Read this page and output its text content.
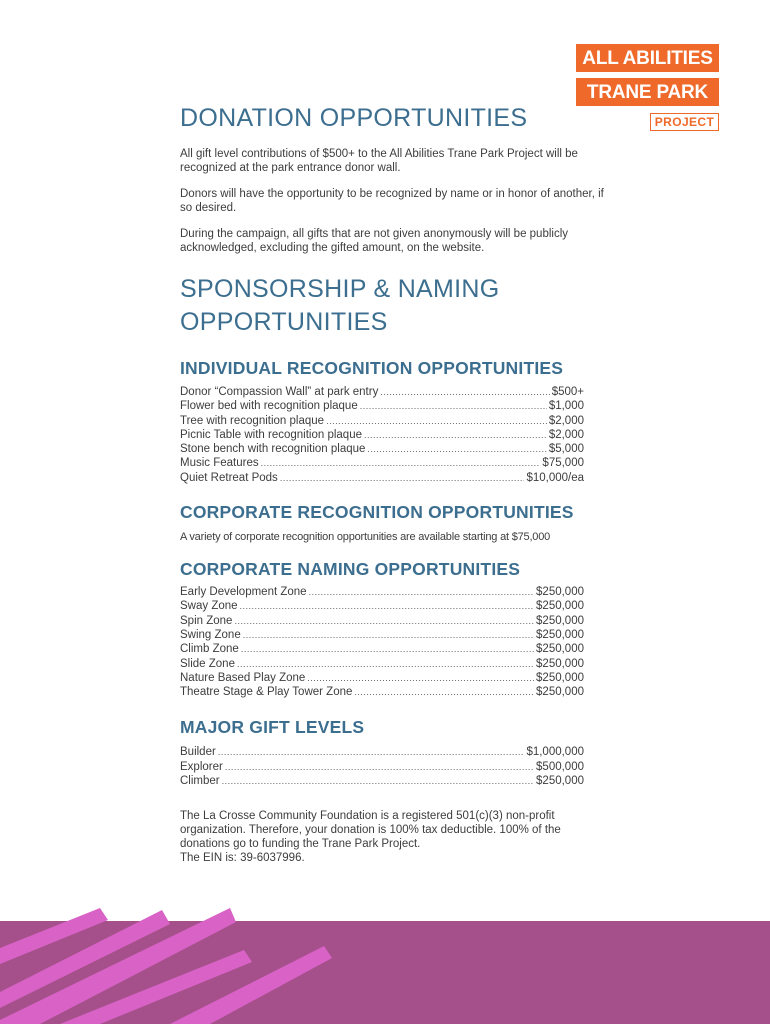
ALL ABILITIES
TRANE PARK
PROJECT
DONATION OPPORTUNITIES

All gift level contributions of $500+ to the All Abilities Trane Park Project will be recognized at the park entrance donor wall.

Donors will have the opportunity to be recognized by name or in honor of another, if so desired.

During the campaign, all gifts that are not given anonymously will be publicly acknowledged, excluding the gifted amount, on the website.

SPONSORSHIP & NAMING
OPPORTUNITIES
INDIVIDUAL RECOGNITION OPPORTUNITIES
Donor “Compassion Wall” at park entry .....	$500+
Flower bed with recognition plaque .....	$1,000
Tree with recognition plaque .....	$2,000
Picnic Table with recognition plaque .....	$2,000
Stone bench with recognition plaque .....	$5,000
Music Features .....	$75,000
Quiet Retreat Pods .....	$10,000/ea
CORPORATE RECOGNITION OPPORTUNITIES

A variety of corporate recognition opportunities are available starting at $75,000

CORPORATE NAMING OPPORTUNITIES
Early Development Zone .....	$250,000
Sway Zone .....	$250,000
Spin Zone .....	$250,000
Swing Zone .....	$250,000
Climb Zone .....	$250,000
Slide Zone .....	$250,000
Nature Based Play Zone .....	$250,000
Theatre Stage & Play Tower Zone .....	$250,000
MAJOR GIFT LEVELS
Builder .....	$1,000,000
Explorer .....	$500,000
Climber .....	$250,000

The La Crosse Community Foundation is a registered 501(c)(3) non-profit organization. Therefore, your donation is 100% tax deductible. 100% of the donations go to funding the Trane Park Project.
The EIN is: 39-6037996.
